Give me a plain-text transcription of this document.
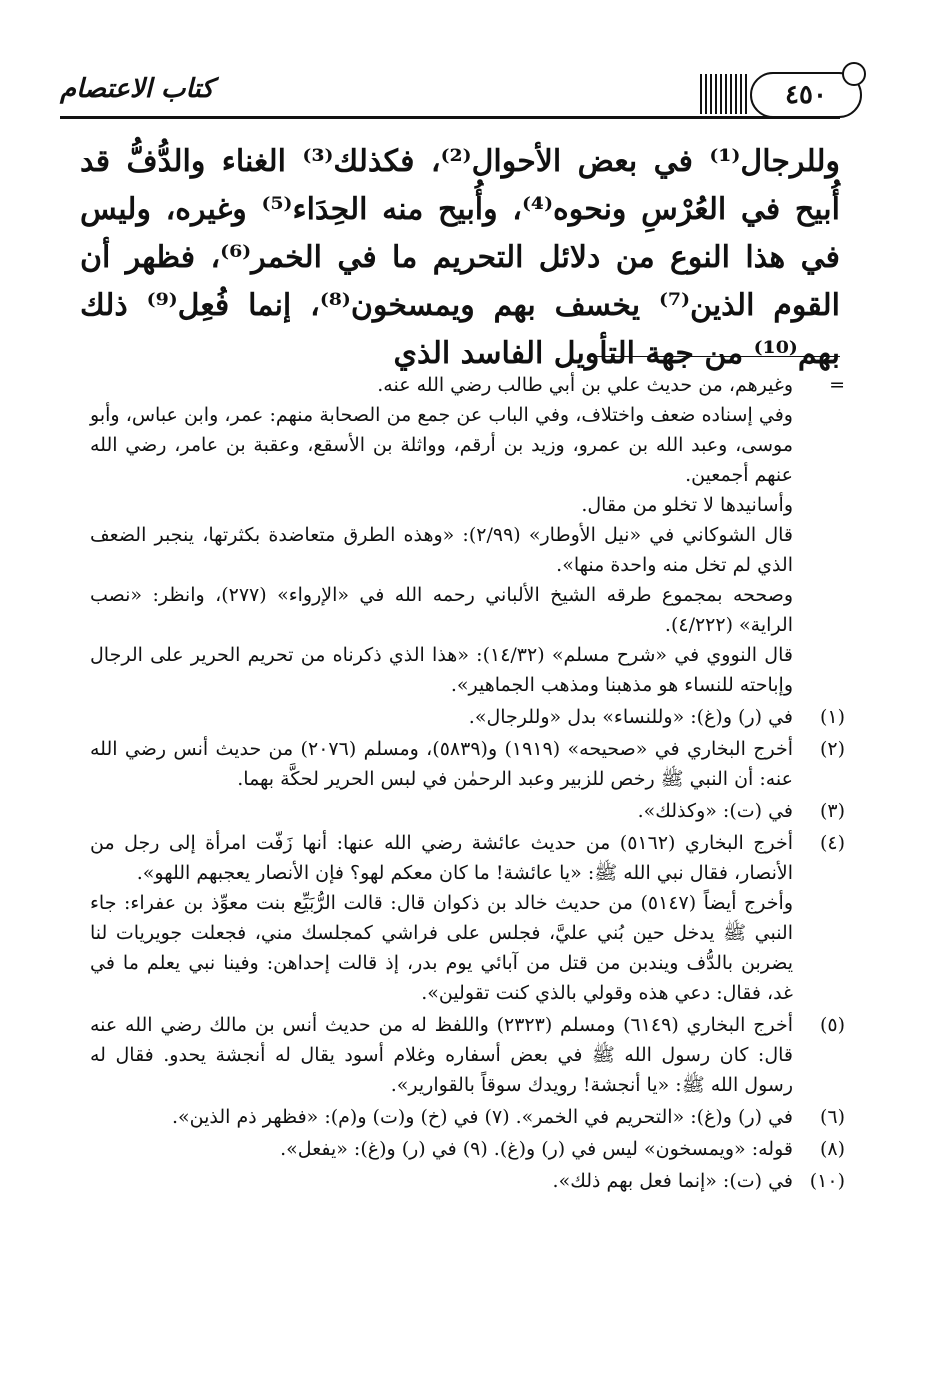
كتاب الاعتصام	٤٥٠

وللرجال⁽¹⁾ في بعض الأحوال⁽²⁾، فكذلك⁽³⁾ الغناء والدُّفُّ قد أُبيح في العُرْسِ ونحوه⁽⁴⁾، وأُبيح منه الحِدَاء⁽⁵⁾ وغيره، وليس في هذا النوع من دلائل التحريم ما في الخمر⁽⁶⁾، فظهر أن القوم الذين⁽⁷⁾ يخسف بهم ويمسخون⁽⁸⁾، إنما فُعِل⁽⁹⁾ ذلك بهم⁽¹⁰⁾ من جهة التأويل الفاسد الذي

=

وغيرهم، من حديث علي بن أبي طالب رضي الله عنه.

وفي إسناده ضعف واختلاف، وفي الباب عن جمع من الصحابة منهم: عمر، وابن عباس، وأبو موسى، وعبد الله بن عمرو، وزيد بن أرقم، وواثلة بن الأسقع، وعقبة بن عامر، رضي الله عنهم أجمعين.

وأسانيدها لا تخلو من مقال.

قال الشوكاني في «نيل الأوطار» (٢/٩٩): «وهذه الطرق متعاضدة بكثرتها، ينجبر الضعف الذي لم تخل منه واحدة منها».

وصححه بمجموع طرقه الشيخ الألباني رحمه الله في «الإرواء» (٢٧٧)، وانظر: «نصب الراية» (٤/٢٢٢).

قال النووي في «شرح مسلم» (١٤/٣٢): «هذا الذي ذكرناه من تحريم الحرير على الرجال وإباحته للنساء هو مذهبنا ومذهب الجماهير».

(١)

في (ر) و(غ): «وللنساء» بدل «وللرجال».

(٢)

أخرج البخاري في «صحيحه» (١٩١٩) و(٥٨٣٩)، ومسلم (٢٠٧٦) من حديث أنس رضي الله عنه: أن النبي ﷺ رخص للزبير وعبد الرحمٰن في لبس الحرير لحكَّة بهما.

(٣)

في (ت): «وكذلك».

(٤)

أخرج البخاري (٥١٦٢) من حديث عائشة رضي الله عنها: أنها زَفّت امرأة إلى رجل من الأنصار، فقال نبي الله ﷺ: «يا عائشة! ما كان معكم لهو؟ فإن الأنصار يعجبهم اللهو».

وأخرج أيضاً (٥١٤٧) من حديث خالد بن ذكوان قال: قالت الرُّبَيِّع بنت معوِّذ بن عفراء: جاء النبي ﷺ يدخل حين بُني عليَّ، فجلس على فراشي كمجلسك مني، فجعلت جويريات لنا يضربن بالدُّف ويندبن من قتل من آبائي يوم بدر، إذ قالت إحداهن: وفينا نبي يعلم ما في غد، فقال: دعي هذه وقولي بالذي كنت تقولين».

(٥)

أخرج البخاري (٦١٤٩) ومسلم (٢٣٢٣) واللفظ له من حديث أنس بن مالك رضي الله عنه قال: كان رسول الله ﷺ في بعض أسفاره وغلام أسود يقال له أنجشة يحدو. فقال له رسول الله ﷺ: «يا أنجشة! رويدك سوقاً بالقوارير».

(٦)

في (ر) و(غ): «التحريم في الخمر». (٧) في (خ) و(ت) و(م): «فظهر ذم الذين».

(٨)

قوله: «ويمسخون» ليس في (ر) و(غ). (٩) في (ر) و(غ): «يفعل».

(١٠)

في (ت): «إنما فعل بهم ذلك».
